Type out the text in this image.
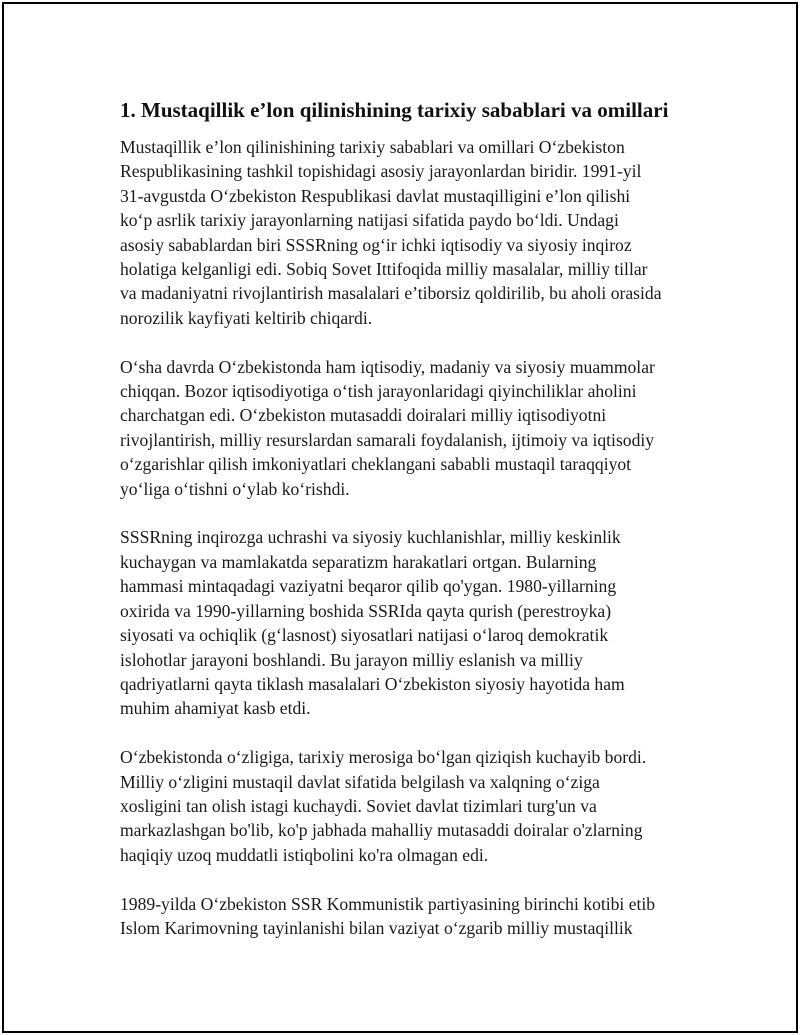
1. Mustaqillik e’lon qilinishining tarixiy sabablari va omillari
Mustaqillik e’lon qilinishining tarixiy sabablari va omillari O‘zbekiston
Respublikasining tashkil topishidagi asosiy jarayonlardan biridir. 1991-yil
31-avgustda O‘zbekiston Respublikasi davlat mustaqilligini e’lon qilishi
ko‘p asrlik tarixiy jarayonlarning natijasi sifatida paydo bo‘ldi. Undagi
asosiy sabablardan biri SSSRning og‘ir ichki iqtisodiy va siyosiy inqiroz
holatiga kelganligi edi. Sobiq Sovet Ittifoqida milliy masalalar, milliy tillar
va madaniyatni rivojlantirish masalalari e’tiborsiz qoldirilib, bu aholi orasida
norozilik kayfiyati keltirib chiqardi.
O‘sha davrda O‘zbekistonda ham iqtisodiy, madaniy va siyosiy muammolar
chiqqan. Bozor iqtisodiyotiga o‘tish jarayonlaridagi qiyinchiliklar aholini
charchatgan edi. O‘zbekiston mutasaddi doiralari milliy iqtisodiyotni
rivojlantirish, milliy resurslardan samarali foydalanish, ijtimoiy va iqtisodiy
o‘zgarishlar qilish imkoniyatlari cheklangani sababli mustaqil taraqqiyot
yo‘liga o‘tishni o‘ylab ko‘rishdi.
SSSRning inqirozga uchrashi va siyosiy kuchlanishlar, milliy keskinlik
kuchaygan va mamlakatda separatizm harakatlari ortgan. Bularning
hammasi mintaqadagi vaziyatni beqaror qilib qo'ygan. 1980-yillarning
oxirida va 1990-yillarning boshida SSRIda qayta qurish (perestroyka)
siyosati va ochiqlik (g‘lasnost) siyosatlari natijasi o‘laroq demokratik
islohotlar jarayoni boshlandi. Bu jarayon milliy eslanish va milliy
qadriyatlarni qayta tiklash masalalari O‘zbekiston siyosiy hayotida ham
muhim ahamiyat kasb etdi.
O‘zbekistonda o‘zligiga, tarixiy merosiga bo‘lgan qiziqish kuchayib bordi.
Milliy o‘zligini mustaqil davlat sifatida belgilash va xalqning o‘ziga
xosligini tan olish istagi kuchaydi. Soviet davlat tizimlari turg'un va
markazlashgan bo'lib, ko'p jabhada mahalliy mutasaddi doiralar o'zlarning
haqiqiy uzoq muddatli istiqbolini ko'ra olmagan edi.
1989-yilda O‘zbekiston SSR Kommunistik partiyasining birinchi kotibi etib
Islom Karimovning tayinlanishi bilan vaziyat o‘zgarib milliy mustaqillik
